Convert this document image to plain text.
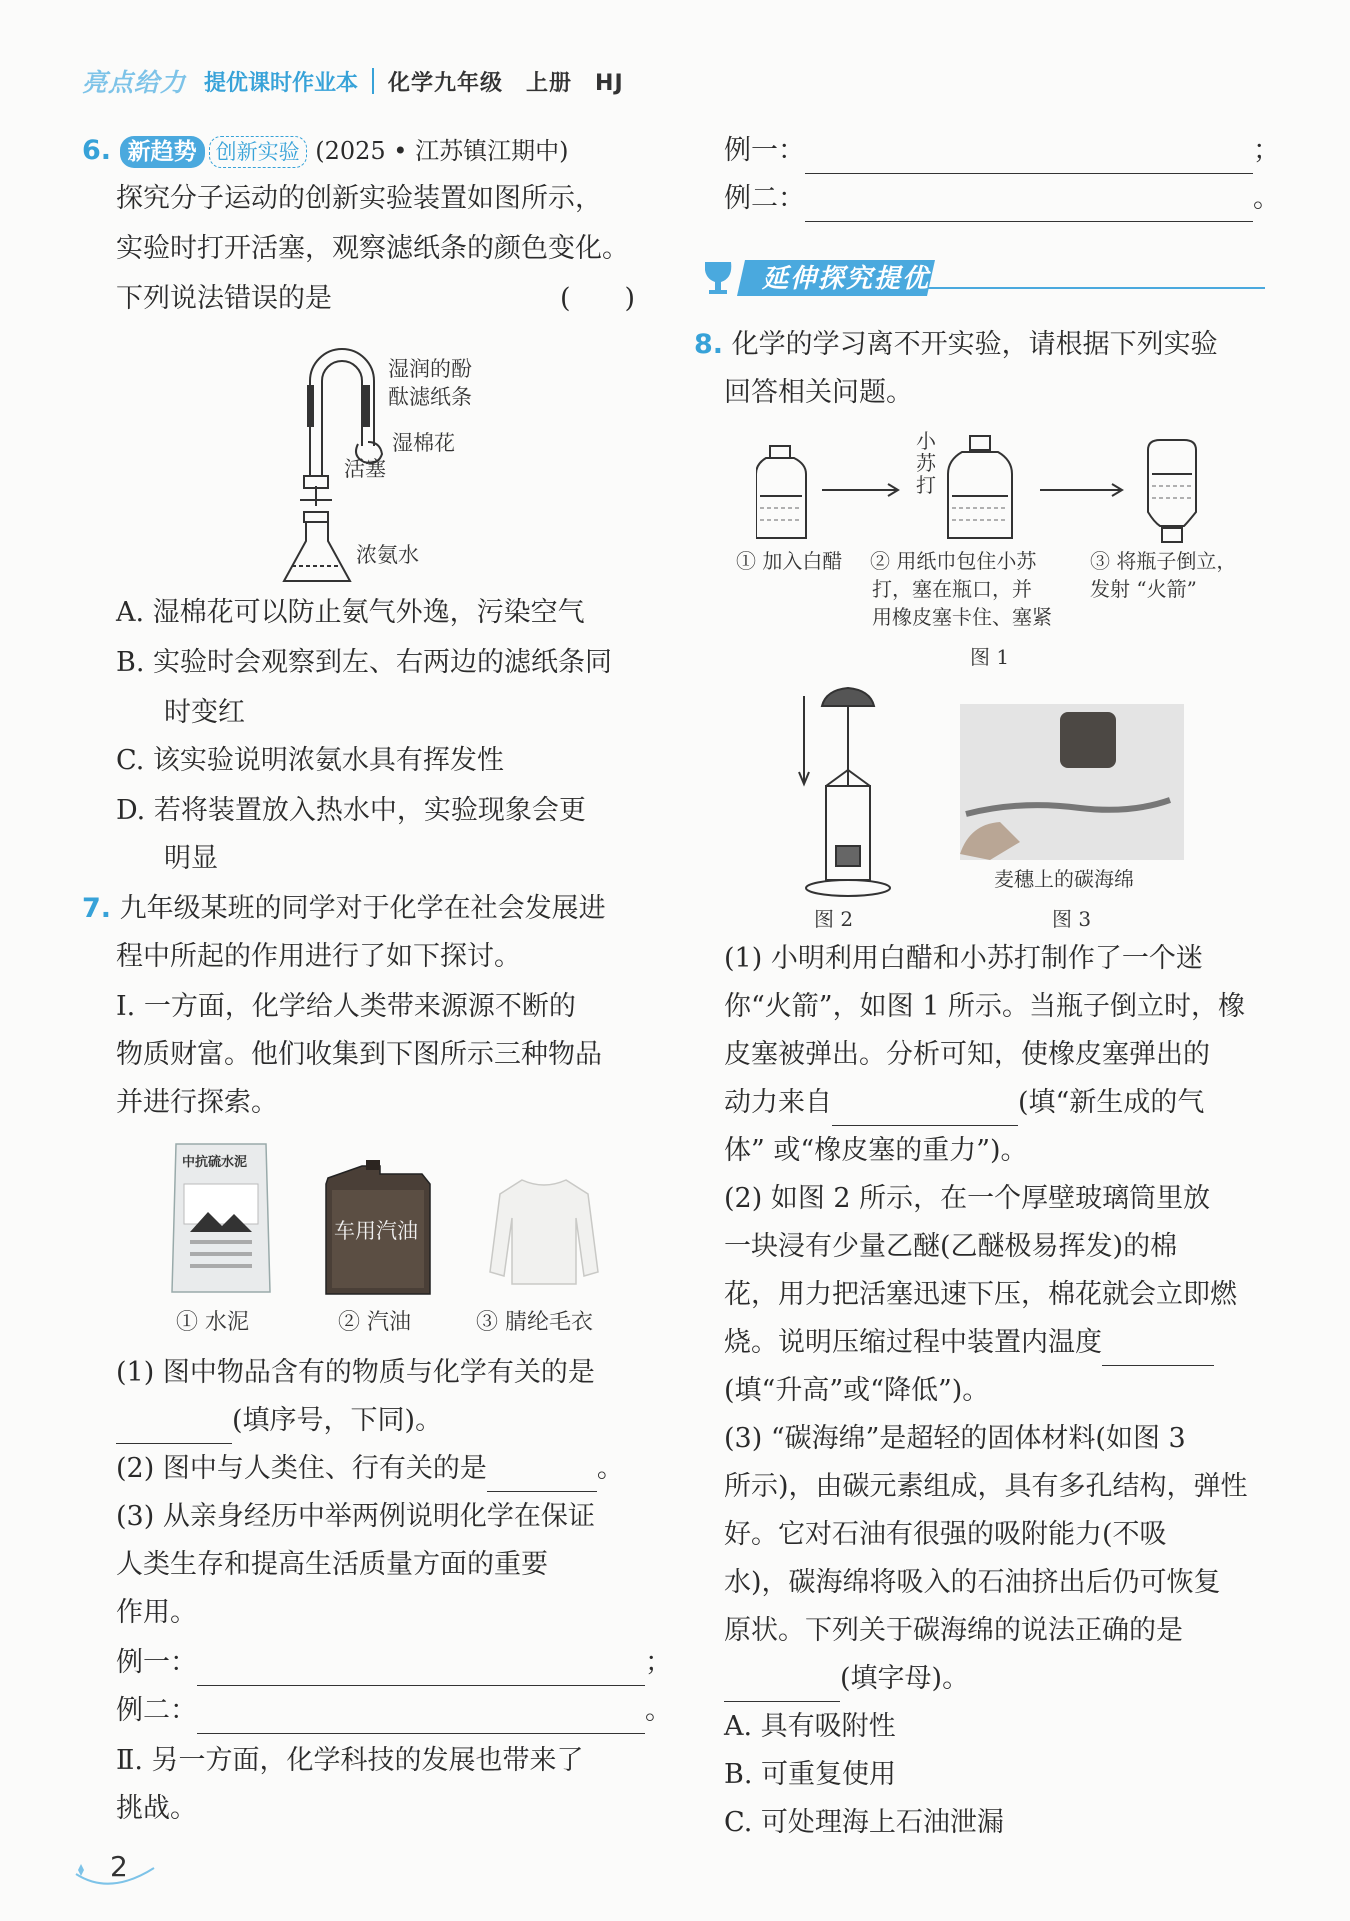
亮点给力 提优课时作业本 化学九年级　上册　HJ
6. 新趋势 创新实验 (2025 • 江苏镇江期中)
探究分子运动的创新实验装置如图所示，
实验时打开活塞，观察滤纸条的颜色变化。
下列说法错误的是	(　　)
湿润的酚
酞滤纸条
湿棉花
活塞
浓氨水
A. 湿棉花可以防止氨气外逸，污染空气
B. 实验时会观察到左、右两边的滤纸条同
时变红
C. 该实验说明浓氨水具有挥发性
D. 若将装置放入热水中，实验现象会更
明显
7. 九年级某班的同学对于化学在社会发展进
程中所起的作用进行了如下探讨。
Ⅰ. 一方面，化学给人类带来源源不断的
物质财富。他们收集到下图所示三种物品
并进行探索。
中抗硫水泥
车用汽油
① 水泥	② 汽油	③ 腈纶毛衣
(1) 图中物品含有的物质与化学有关的是
(填序号，下同)。
(2) 图中与人类住、行有关的是	。
(3) 从亲身经历中举两例说明化学在保证
人类生存和提高生活质量方面的重要
作用。
例一：	；
例二：	。
Ⅱ. 另一方面，化学科技的发展也带来了
挑战。
2
例一：	；
例二：	。
延伸探究提优
8. 化学的学习离不开实验，请根据下列实验
回答相关问题。
小
苏
打
① 加入白醋 ② 用纸巾包住小苏
打，塞在瓶口，并
用橡皮塞卡住、塞紧
③ 将瓶子倒立，
发射 “火箭”
图 1
图 2
麦穗上的碳海绵
图 3
(1) 小明利用白醋和小苏打制作了一个迷
你“火箭”，如图 1 所示。当瓶子倒立时，橡
皮塞被弹出。分析可知，使橡皮塞弹出的
动力来自	(填“新生成的气
体” 或“橡皮塞的重力”)。
(2) 如图 2 所示，在一个厚壁玻璃筒里放
一块浸有少量乙醚(乙醚极易挥发)的棉
花，用力把活塞迅速下压，棉花就会立即燃
烧。说明压缩过程中装置内温度
(填“升高”或“降低”)。
(3) “碳海绵”是超轻的固体材料(如图 3
所示)，由碳元素组成，具有多孔结构，弹性
好。它对石油有很强的吸附能力(不吸
水)，碳海绵将吸入的石油挤出后仍可恢复
原状。下列关于碳海绵的说法正确的是
(填字母)。
A. 具有吸附性
B. 可重复使用
C. 可处理海上石油泄漏
